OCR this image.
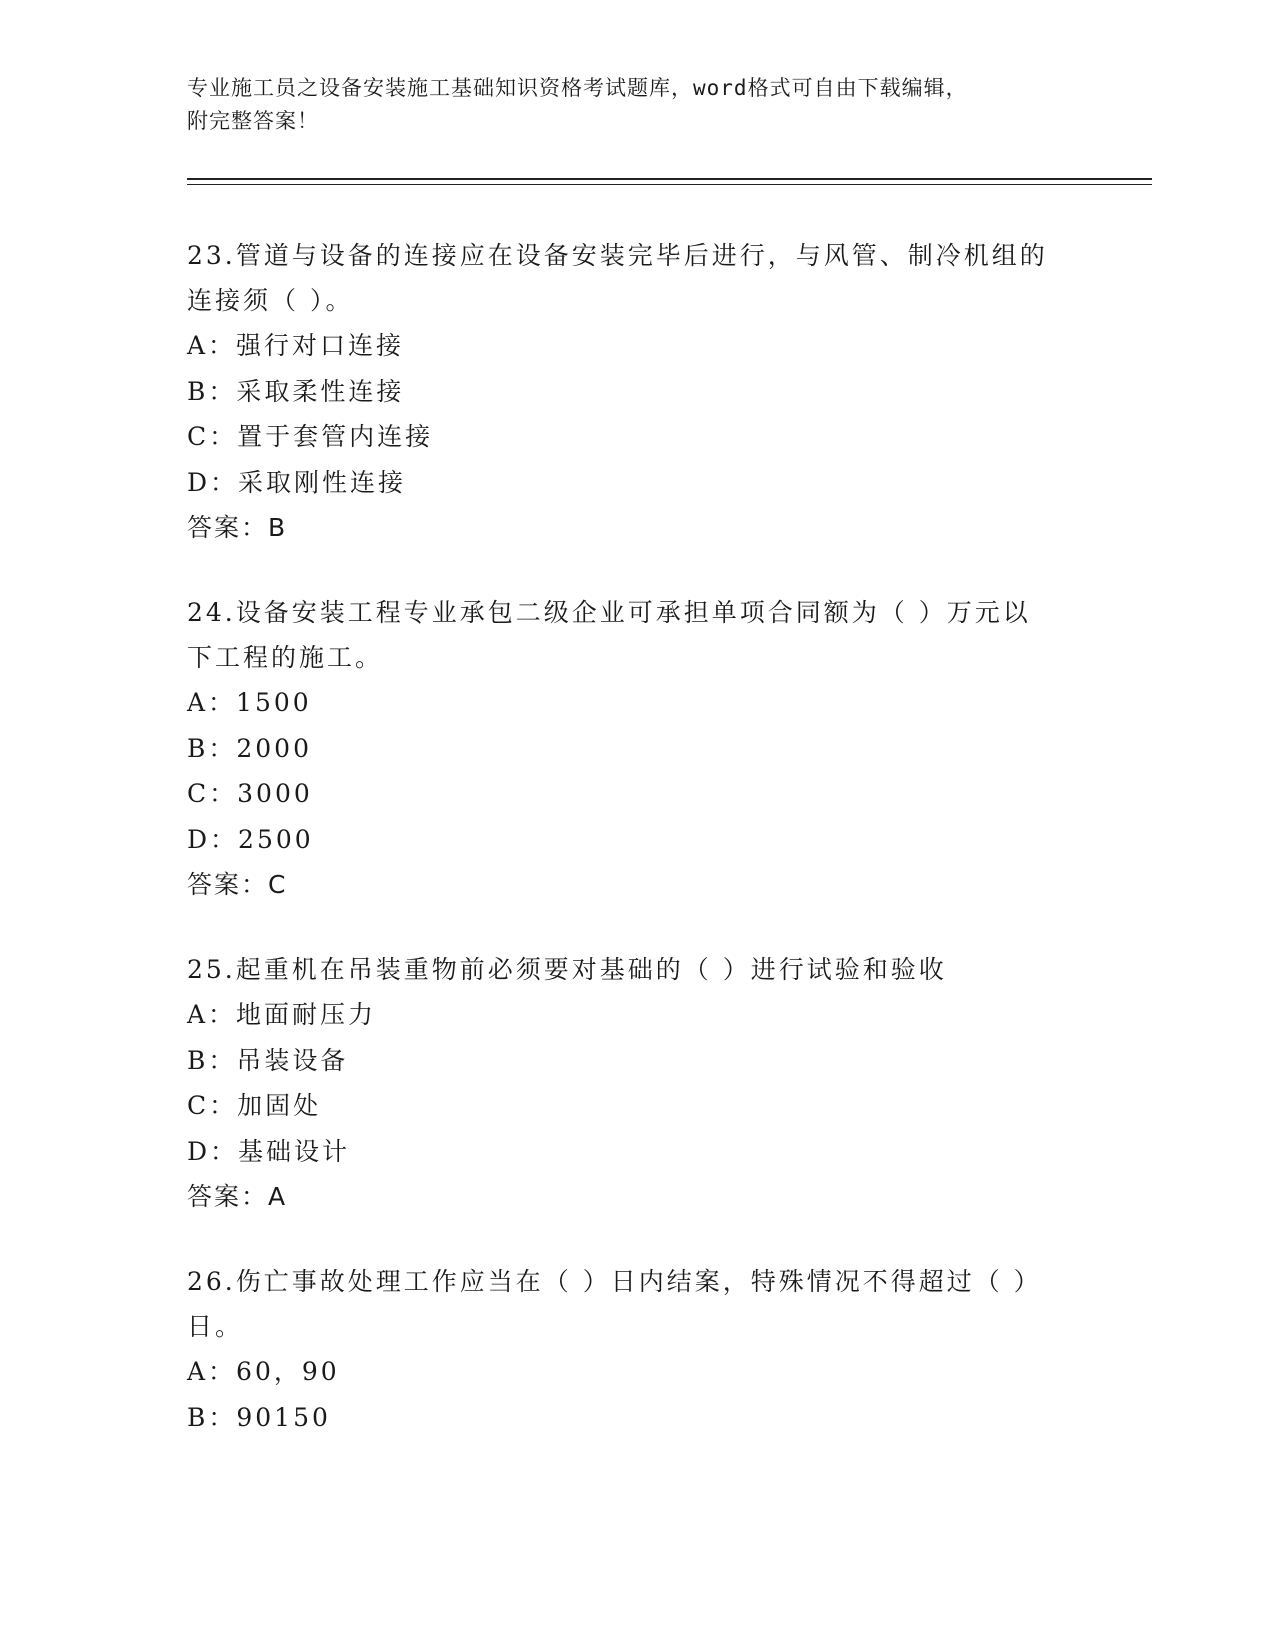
专业施工员之设备安装施工基础知识资格考试题库，word格式可自由下载编辑，
附完整答案！

23.管道与设备的连接应在设备安装完毕后进行，与风管、制冷机组的

连接须（ ）。

A：强行对口连接

B：采取柔性连接

C：置于套管内连接

D：采取刚性连接

答案：B

24.设备安装工程专业承包二级企业可承担单项合同额为（ ）万元以

下工程的施工。

A：1500

B：2000

C：3000

D：2500

答案：C

25.起重机在吊装重物前必须要对基础的（ ）进行试验和验收

A：地面耐压力

B：吊装设备

C：加固处

D：基础设计

答案：A

26.伤亡事故处理工作应当在（ ）日内结案，特殊情况不得超过（ ）

日。

A：60，90

B：90150
